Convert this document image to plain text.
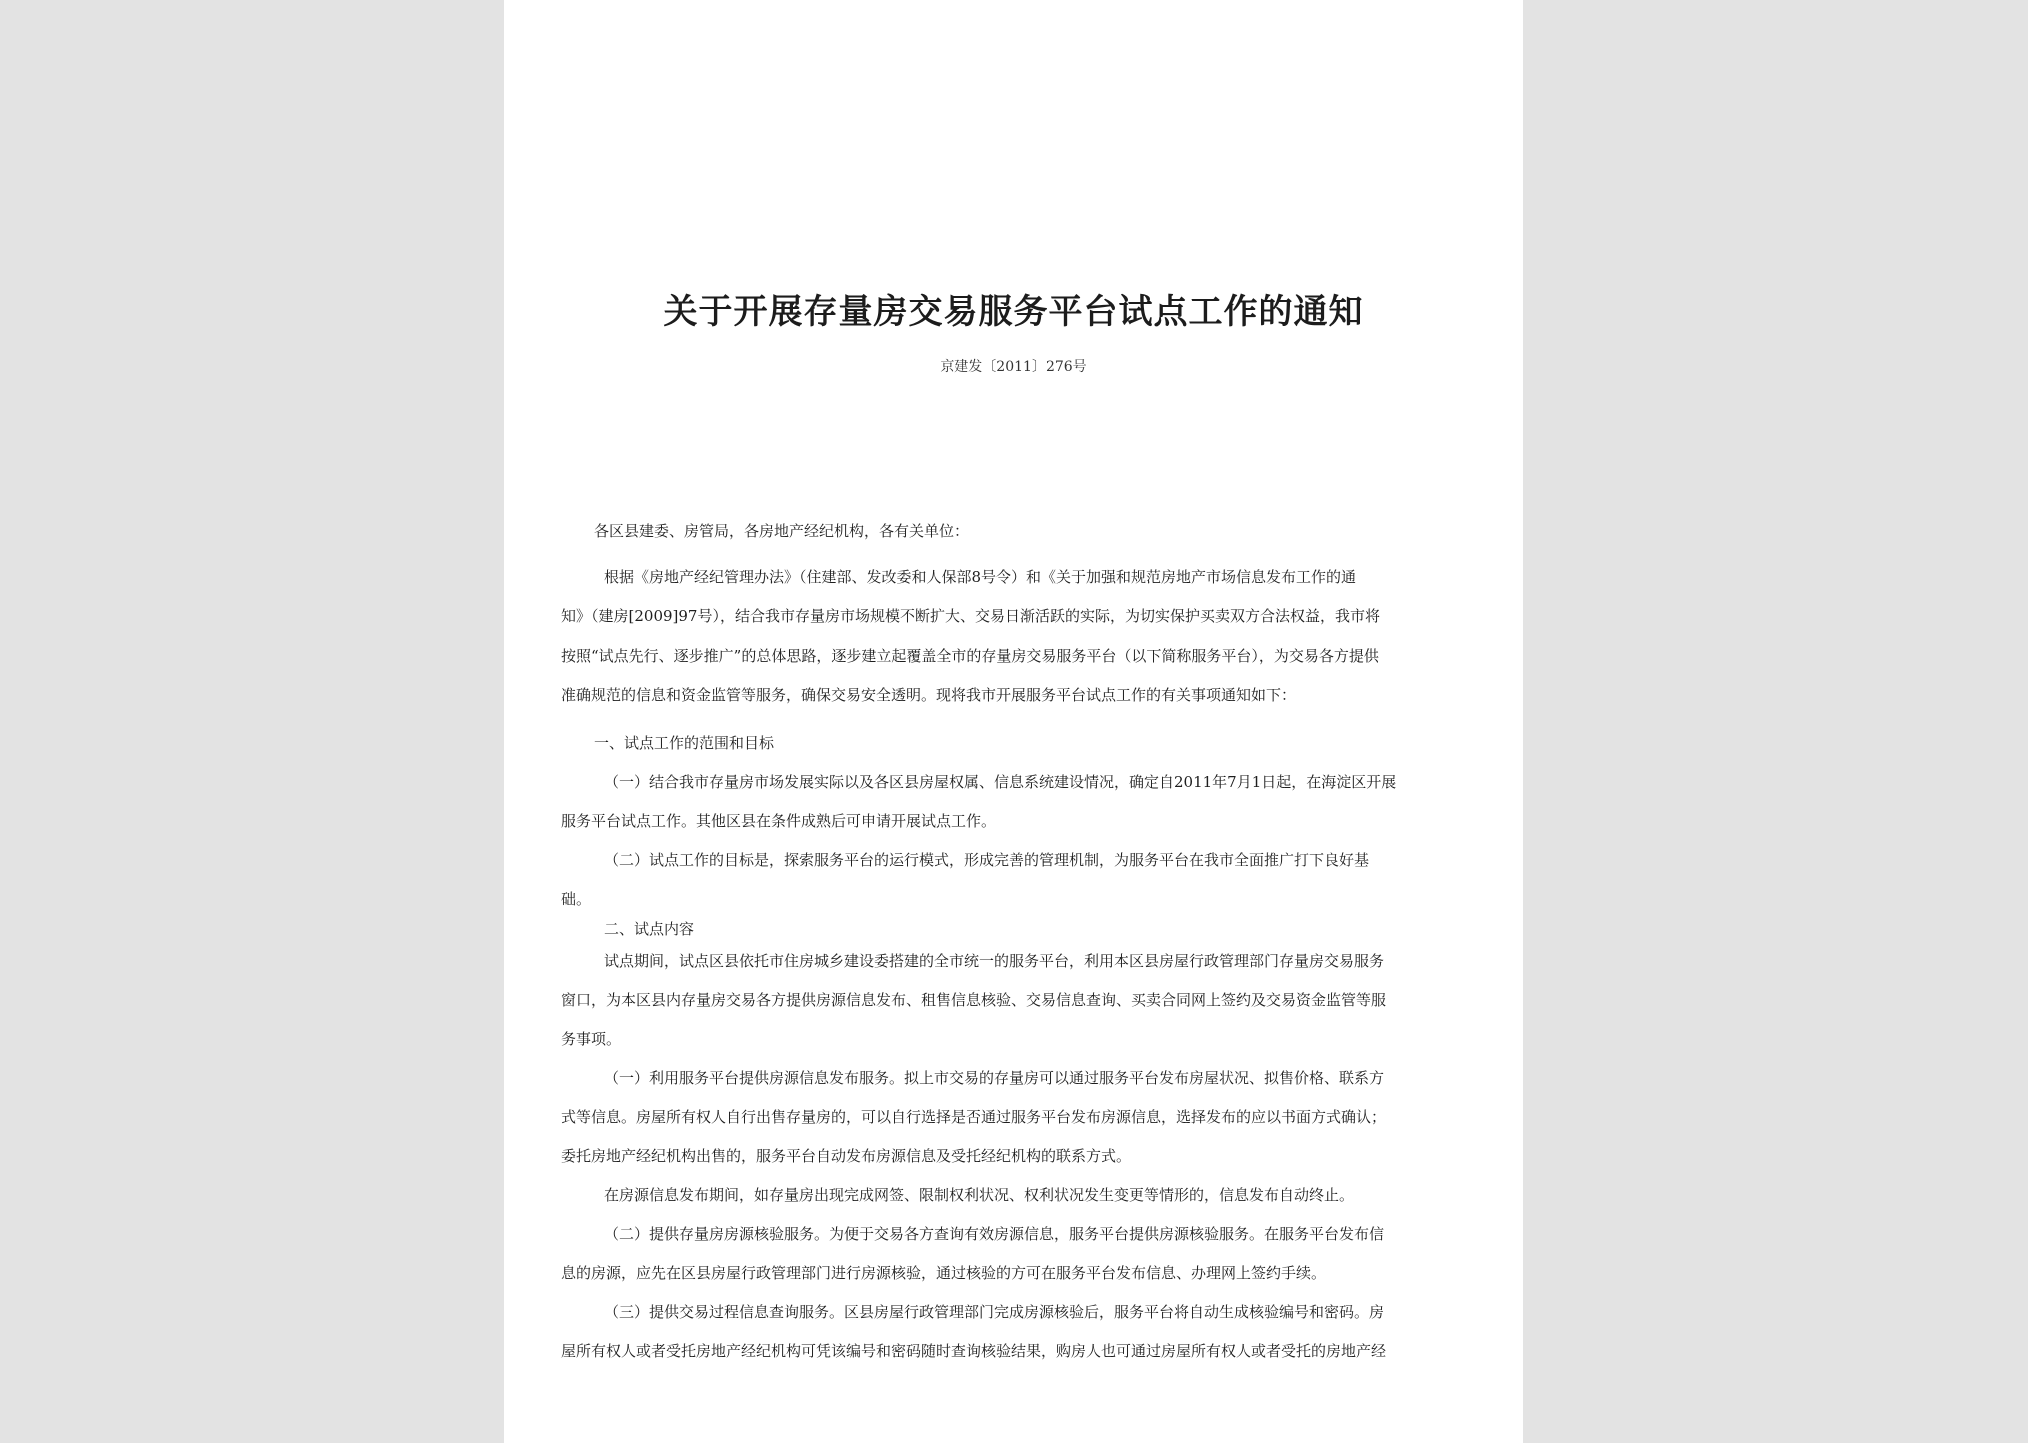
关于开展存量房交易服务平台试点工作的通知
京建发〔2011〕276号
各区县建委、房管局，各房地产经纪机构，各有关单位：
根据《房地产经纪管理办法》（住建部、发改委和人保部8号令）和《关于加强和规范房地产市场信息发布工作的通
知》（建房[2009]97号），结合我市存量房市场规模不断扩大、交易日渐活跃的实际，为切实保护买卖双方合法权益，我市将
按照“试点先行、逐步推广”的总体思路，逐步建立起覆盖全市的存量房交易服务平台（以下简称服务平台），为交易各方提供
准确规范的信息和资金监管等服务，确保交易安全透明。现将我市开展服务平台试点工作的有关事项通知如下：
一、试点工作的范围和目标
（一）结合我市存量房市场发展实际以及各区县房屋权属、信息系统建设情况，确定自2011年7月1日起，在海淀区开展
服务平台试点工作。其他区县在条件成熟后可申请开展试点工作。
（二）试点工作的目标是，探索服务平台的运行模式，形成完善的管理机制，为服务平台在我市全面推广打下良好基
础。
二、试点内容
试点期间，试点区县依托市住房城乡建设委搭建的全市统一的服务平台，利用本区县房屋行政管理部门存量房交易服务
窗口，为本区县内存量房交易各方提供房源信息发布、租售信息核验、交易信息查询、买卖合同网上签约及交易资金监管等服
务事项。
（一）利用服务平台提供房源信息发布服务。拟上市交易的存量房可以通过服务平台发布房屋状况、拟售价格、联系方
式等信息。房屋所有权人自行出售存量房的，可以自行选择是否通过服务平台发布房源信息，选择发布的应以书面方式确认；
委托房地产经纪机构出售的，服务平台自动发布房源信息及受托经纪机构的联系方式。
在房源信息发布期间，如存量房出现完成网签、限制权利状况、权利状况发生变更等情形的，信息发布自动终止。
（二）提供存量房房源核验服务。为便于交易各方查询有效房源信息，服务平台提供房源核验服务。在服务平台发布信
息的房源，应先在区县房屋行政管理部门进行房源核验，通过核验的方可在服务平台发布信息、办理网上签约手续。
（三）提供交易过程信息查询服务。区县房屋行政管理部门完成房源核验后，服务平台将自动生成核验编号和密码。房
屋所有权人或者受托房地产经纪机构可凭该编号和密码随时查询核验结果，购房人也可通过房屋所有权人或者受托的房地产经
